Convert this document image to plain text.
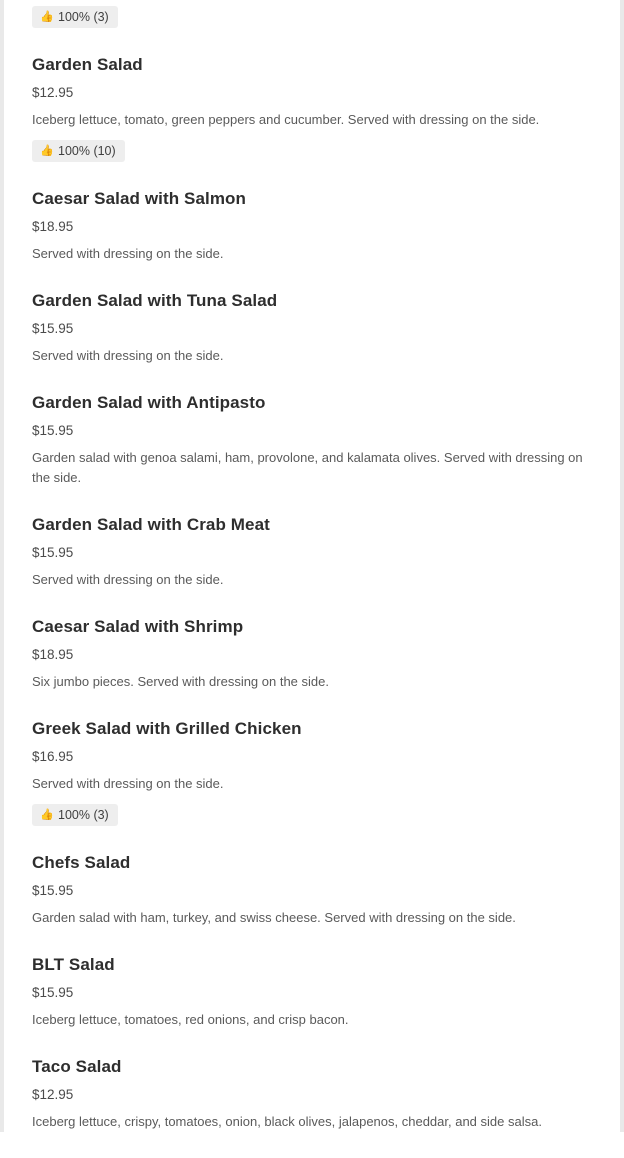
👍 100% (3)
Garden Salad
$12.95
Iceberg lettuce, tomato, green peppers and cucumber. Served with dressing on the side.
👍 100% (10)
Caesar Salad with Salmon
$18.95
Served with dressing on the side.
Garden Salad with Tuna Salad
$15.95
Served with dressing on the side.
Garden Salad with Antipasto
$15.95
Garden salad with genoa salami, ham, provolone, and kalamata olives. Served with dressing on the side.
Garden Salad with Crab Meat
$15.95
Served with dressing on the side.
Caesar Salad with Shrimp
$18.95
Six jumbo pieces. Served with dressing on the side.
Greek Salad with Grilled Chicken
$16.95
Served with dressing on the side.
👍 100% (3)
Chefs Salad
$15.95
Garden salad with ham, turkey, and swiss cheese. Served with dressing on the side.
BLT Salad
$15.95
Iceberg lettuce, tomatoes, red onions, and crisp bacon.
Taco Salad
$12.95
Iceberg lettuce, crispy, tomatoes, onion, black olives, jalapenos, cheddar, and side salsa.
